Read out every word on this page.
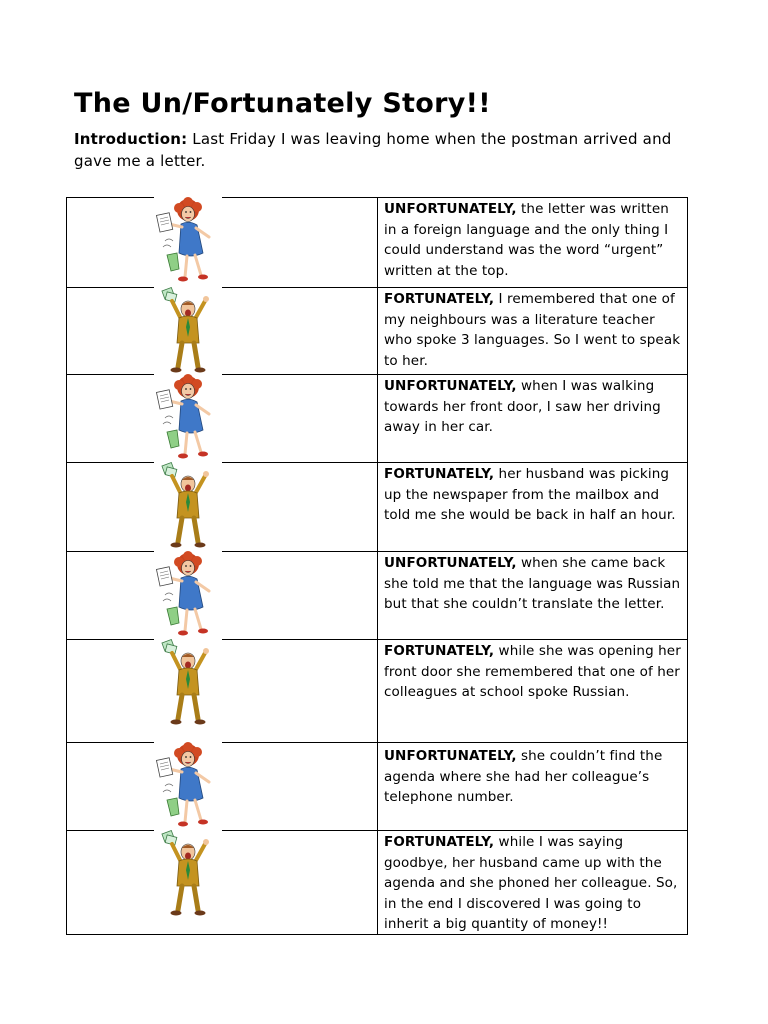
The Un/Fortunately Story!!
Introduction: Last Friday I was leaving home when the postman arrived and gave me a letter.
UNFORTUNATELY, the letter was written in a foreign language and the only thing I could understand was the word “urgent” written at the top.
FORTUNATELY, I remembered that one of my neighbours was a literature teacher who spoke 3 languages. So I went to speak to her.
UNFORTUNATELY, when I was walking towards her front door, I saw her driving away in her car.
FORTUNATELY, her husband was picking up the newspaper from the mailbox and told me she would be back in half an hour.
UNFORTUNATELY, when she came back she told me that the language was Russian but that she couldn’t translate the letter.
FORTUNATELY, while she was opening her front door she remembered that one of her colleagues at school spoke Russian.
UNFORTUNATELY, she couldn’t find the agenda where she had her colleague’s telephone number.
FORTUNATELY, while I was saying goodbye, her husband came up with the agenda and she phoned her colleague. So, in the end I discovered I was going to inherit a big quantity of money!!
